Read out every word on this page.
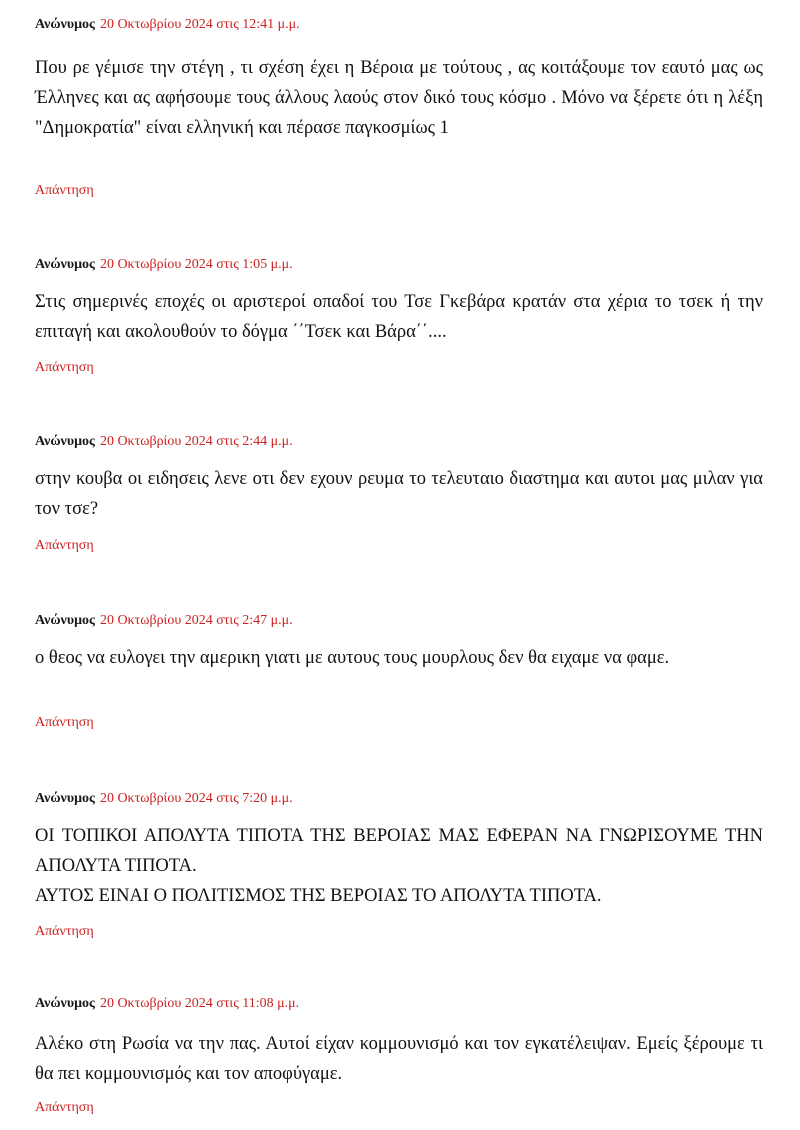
Ανώνυμος 20 Οκτωβρίου 2024 στις 12:41 μ.μ.
Που ρε γέμισε την στέγη , τι σχέση έχει η Βέροια με τούτους , ας κοιτάξουμε τον εαυτό μας ως Έλληνες και ας αφήσουμε τους άλλους λαούς στον δικό τους κόσμο . Μόνο να ξέρετε ότι η λέξη "Δημοκρατία" είναι ελληνική και πέρασε παγκοσμίως 1
Απάντηση
Ανώνυμος 20 Οκτωβρίου 2024 στις 1:05 μ.μ.
Στις σημερινές εποχές οι αριστεροί οπαδοί του Τσε Γκεβάρα κρατάν στα χέρια το τσεκ ή την επιταγή και ακολουθούν το δόγμα ΄΄Τσεκ και Βάρα΄΄....
Απάντηση
Ανώνυμος 20 Οκτωβρίου 2024 στις 2:44 μ.μ.
στην κουβα οι ειδησεις λενε οτι δεν εχουν ρευμα το τελευταιο διαστημα και αυτοι μας μιλαν για τον τσε?
Απάντηση
Ανώνυμος 20 Οκτωβρίου 2024 στις 2:47 μ.μ.
ο θεος να ευλογει την αμερικη γιατι με αυτους τους μουρλους δεν θα ειχαμε να φαμε.
Απάντηση
Ανώνυμος 20 Οκτωβρίου 2024 στις 7:20 μ.μ.
ΟΙ ΤΟΠΙΚΟΙ ΑΠΟΛΥΤΑ ΤΙΠΟΤΑ ΤΗΣ ΒΕΡΟΙΑΣ ΜΑΣ ΕΦΕΡΑΝ ΝΑ ΓΝΩΡΙΣΟΥΜΕ ΤΗΝ ΑΠΟΛΥΤΑ ΤΙΠΟΤΑ.
ΑΥΤΟΣ ΕΙΝΑΙ Ο ΠΟΛΙΤΙΣΜΟΣ ΤΗΣ ΒΕΡΟΙΑΣ ΤΟ ΑΠΟΛΥΤΑ ΤΙΠΟΤΑ.
Απάντηση
Ανώνυμος 20 Οκτωβρίου 2024 στις 11:08 μ.μ.
Αλέκο στη Ρωσία να την πας. Αυτοί είχαν κομμουνισμό και τον εγκατέλειψαν. Εμείς ξέρουμε τι θα πει κομμουνισμός και τον αποφύγαμε.
Απάντηση
